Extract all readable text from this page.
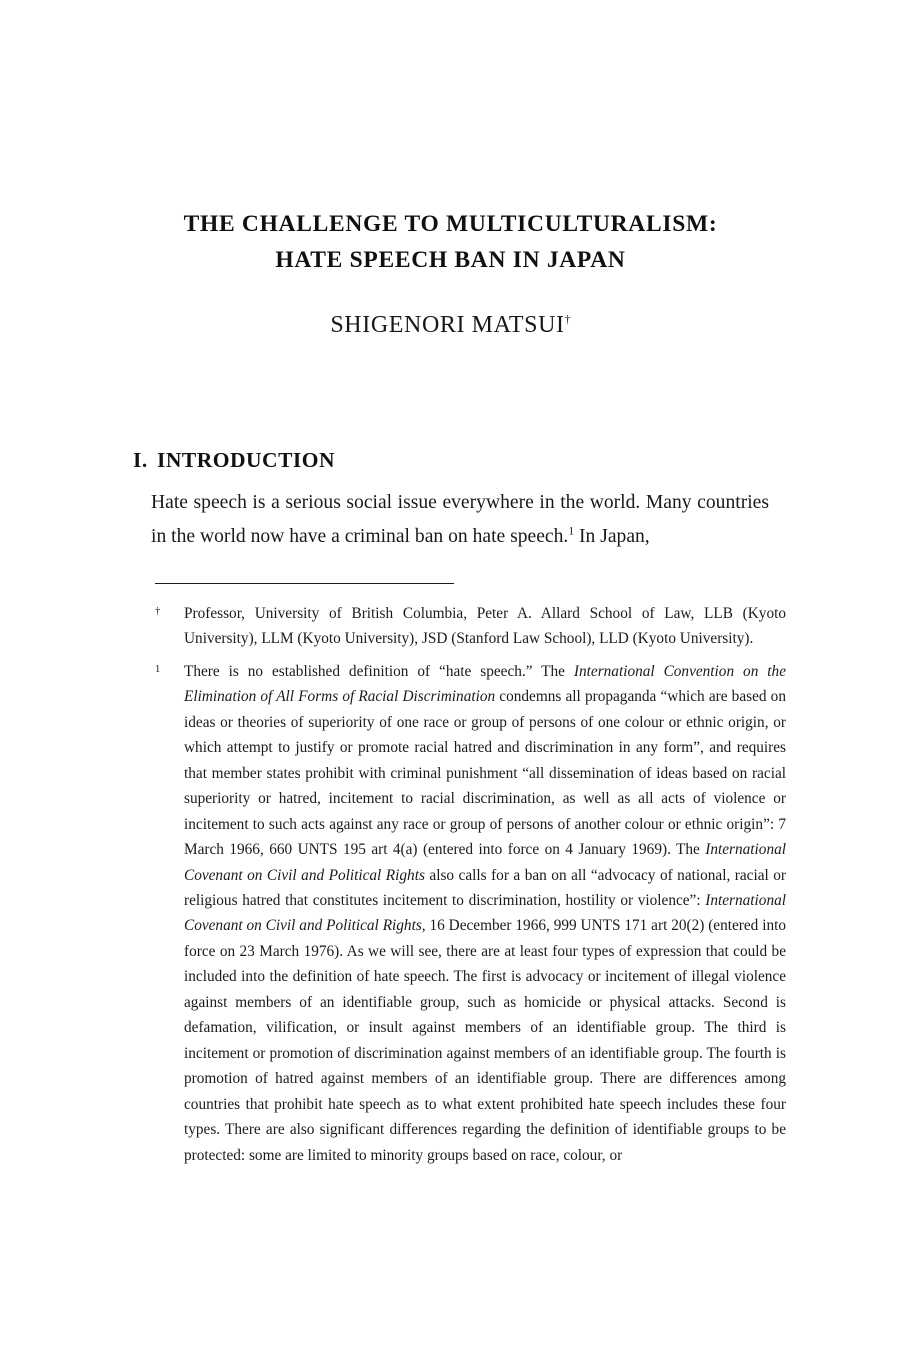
THE CHALLENGE TO MULTICULTURALISM:
HATE SPEECH BAN IN JAPAN

SHIGENORI MATSUI†

I. INTRODUCTION

Hate speech is a serious social issue everywhere in the world. Many countries in the world now have a criminal ban on hate speech.$^1$ In Japan,

†	Professor, University of British Columbia, Peter A. Allard School of Law, LLB (Kyoto University), LLM (Kyoto University), JSD (Stanford Law School), LLD (Kyoto University).
1	There is no established definition of “hate speech.” The International Convention on the Elimination of All Forms of Racial Discrimination condemns all propaganda “which are based on ideas or theories of superiority of one race or group of persons of one colour or ethnic origin, or which attempt to justify or promote racial hatred and discrimination in any form”, and requires that member states prohibit with criminal punishment “all dissemination of ideas based on racial superiority or hatred, incitement to racial discrimination, as well as all acts of violence or incitement to such acts against any race or group of persons of another colour or ethnic origin”: 7 March 1966, 660 UNTS 195 art 4(a) (entered into force on 4 January 1969). The International Covenant on Civil and Political Rights also calls for a ban on all “advocacy of national, racial or religious hatred that constitutes incitement to discrimination, hostility or violence”: International Covenant on Civil and Political Rights, 16 December 1966, 999 UNTS 171 art 20(2) (entered into force on 23 March 1976). As we will see, there are at least four types of expression that could be included into the definition of hate speech. The first is advocacy or incitement of illegal violence against members of an identifiable group, such as homicide or physical attacks. Second is defamation, vilification, or insult against members of an identifiable group. The third is incitement or promotion of discrimination against members of an identifiable group. The fourth is promotion of hatred against members of an identifiable group. There are differences among countries that prohibit hate speech as to what extent prohibited hate speech includes these four types. There are also significant differences regarding the definition of identifiable groups to be protected: some are limited to minority groups based on race, colour, or
